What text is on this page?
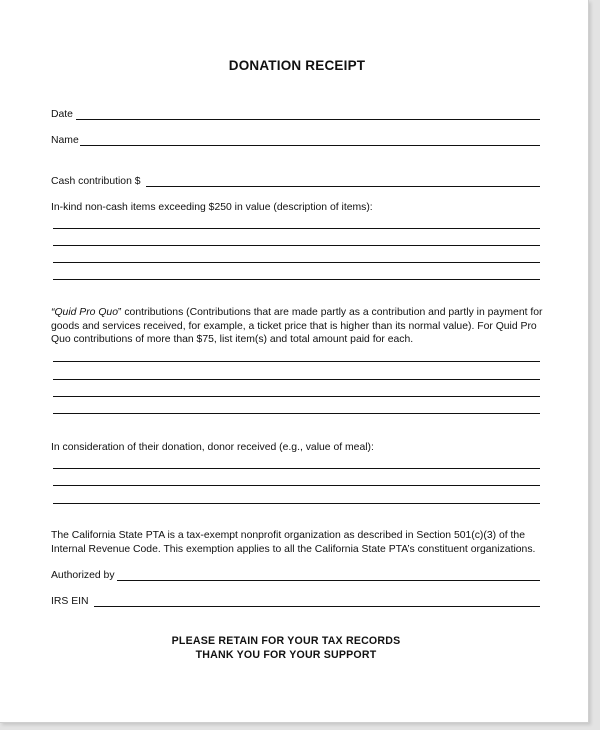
DONATION RECEIPT
Date
Name
Cash contribution $
In-kind non-cash items exceeding $250 in value (description of items):
“Quid Pro Quo” contributions (Contributions that are made partly as a contribution and partly in payment for goods and services received, for example, a ticket price that is higher than its normal value). For Quid Pro Quo contributions of more than $75, list item(s) and total amount paid for each.
In consideration of their donation, donor received (e.g., value of meal):
The California State PTA is a tax-exempt nonprofit organization as described in Section 501(c)(3) of the Internal Revenue Code. This exemption applies to all the California State PTA’s constituent organizations.
Authorized by
IRS EIN
PLEASE RETAIN FOR YOUR TAX RECORDS
THANK YOU FOR YOUR SUPPORT
